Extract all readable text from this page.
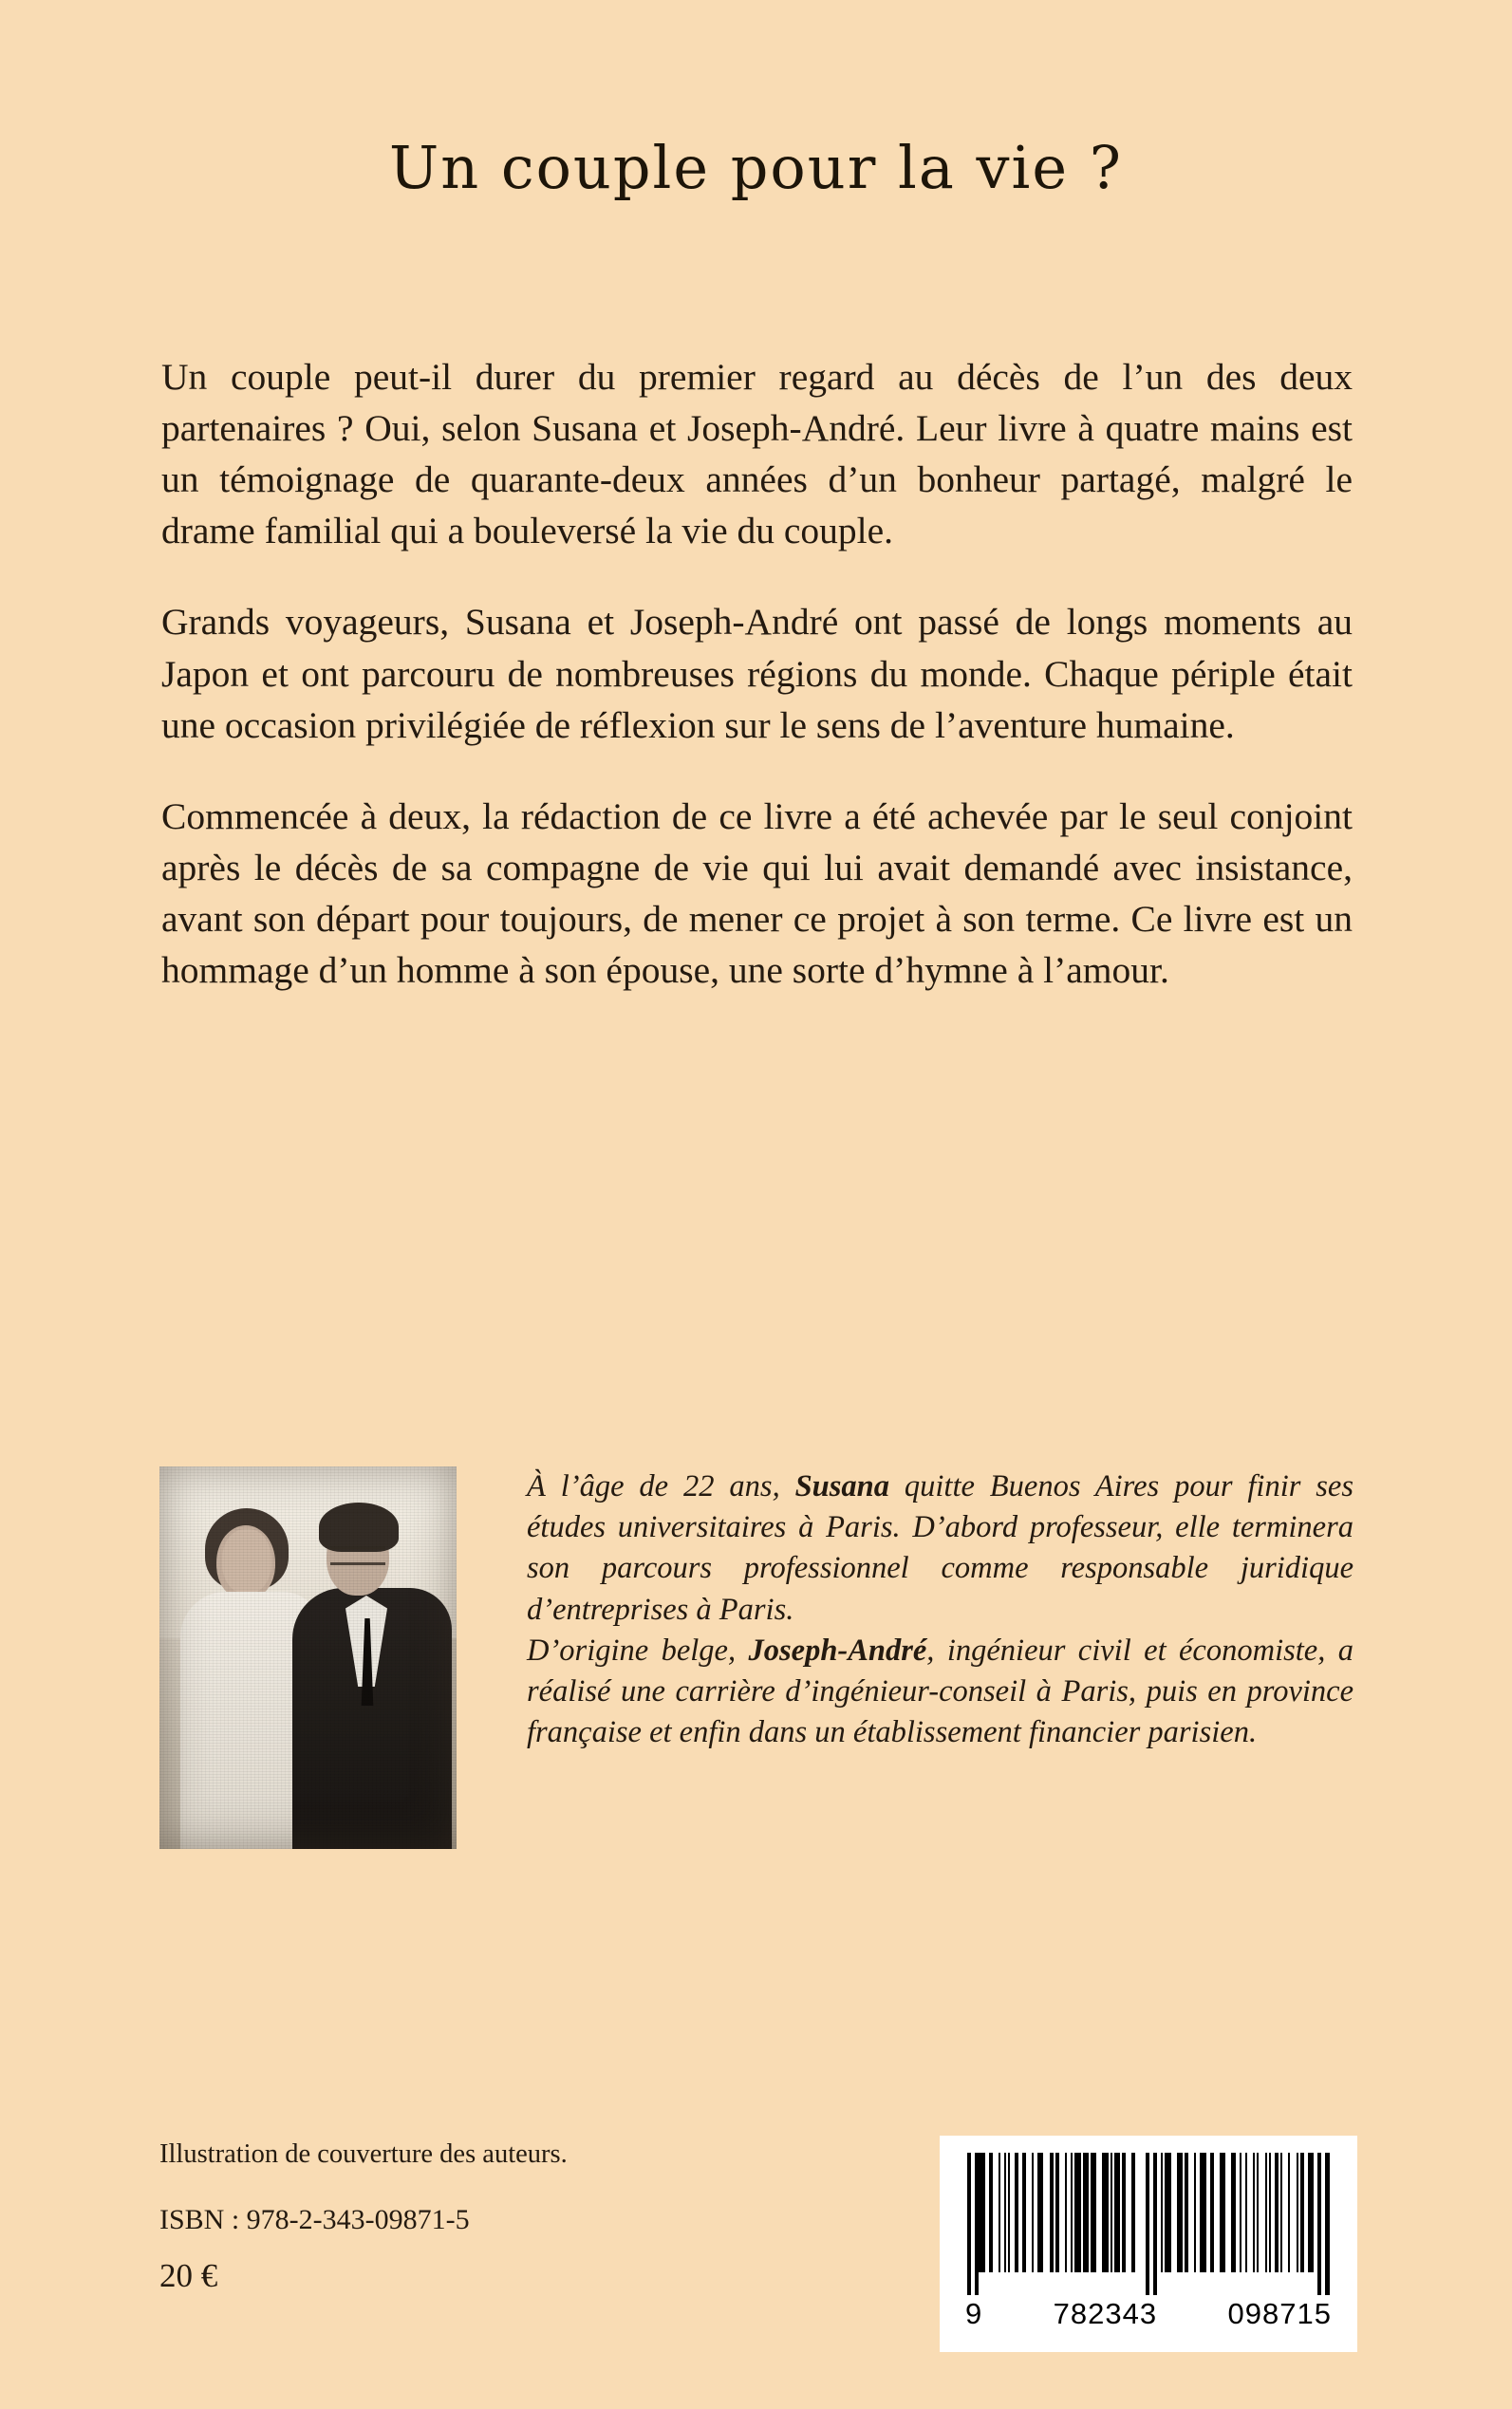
Un couple pour la vie ?

Un couple peut-il durer du premier regard au décès de l’un des deux partenaires ? Oui, selon Susana et Joseph-André. Leur livre à quatre mains est un témoignage de quarante-deux années d’un bonheur partagé, malgré le drame familial qui a bouleversé la vie du couple.

Grands voyageurs, Susana et Joseph-André ont passé de longs moments au Japon et ont parcouru de nombreuses régions du monde. Chaque périple était une occasion privilégiée de réflexion sur le sens de l’aventure humaine.

Commencée à deux, la rédaction de ce livre a été achevée par le seul conjoint après le décès de sa compagne de vie qui lui avait demandé avec insistance, avant son départ pour toujours, de mener ce projet à son terme. Ce livre est un hommage d’un homme à son épouse, une sorte d’hymne à l’amour.

À l’âge de 22 ans, Susana quitte Buenos Aires pour finir ses études universitaires à Paris. D’abord professeur, elle terminera son parcours professionnel comme responsable juridique d’entreprises à Paris.

D’origine belge, Joseph-André, ingénieur civil et économiste, a réalisé une carrière d’ingénieur-conseil à Paris, puis en province française et enfin dans un établissement financier parisien.

Illustration de couverture des auteurs.
ISBN : 978-2-343-09871-5
20 €
9 782343 098715
